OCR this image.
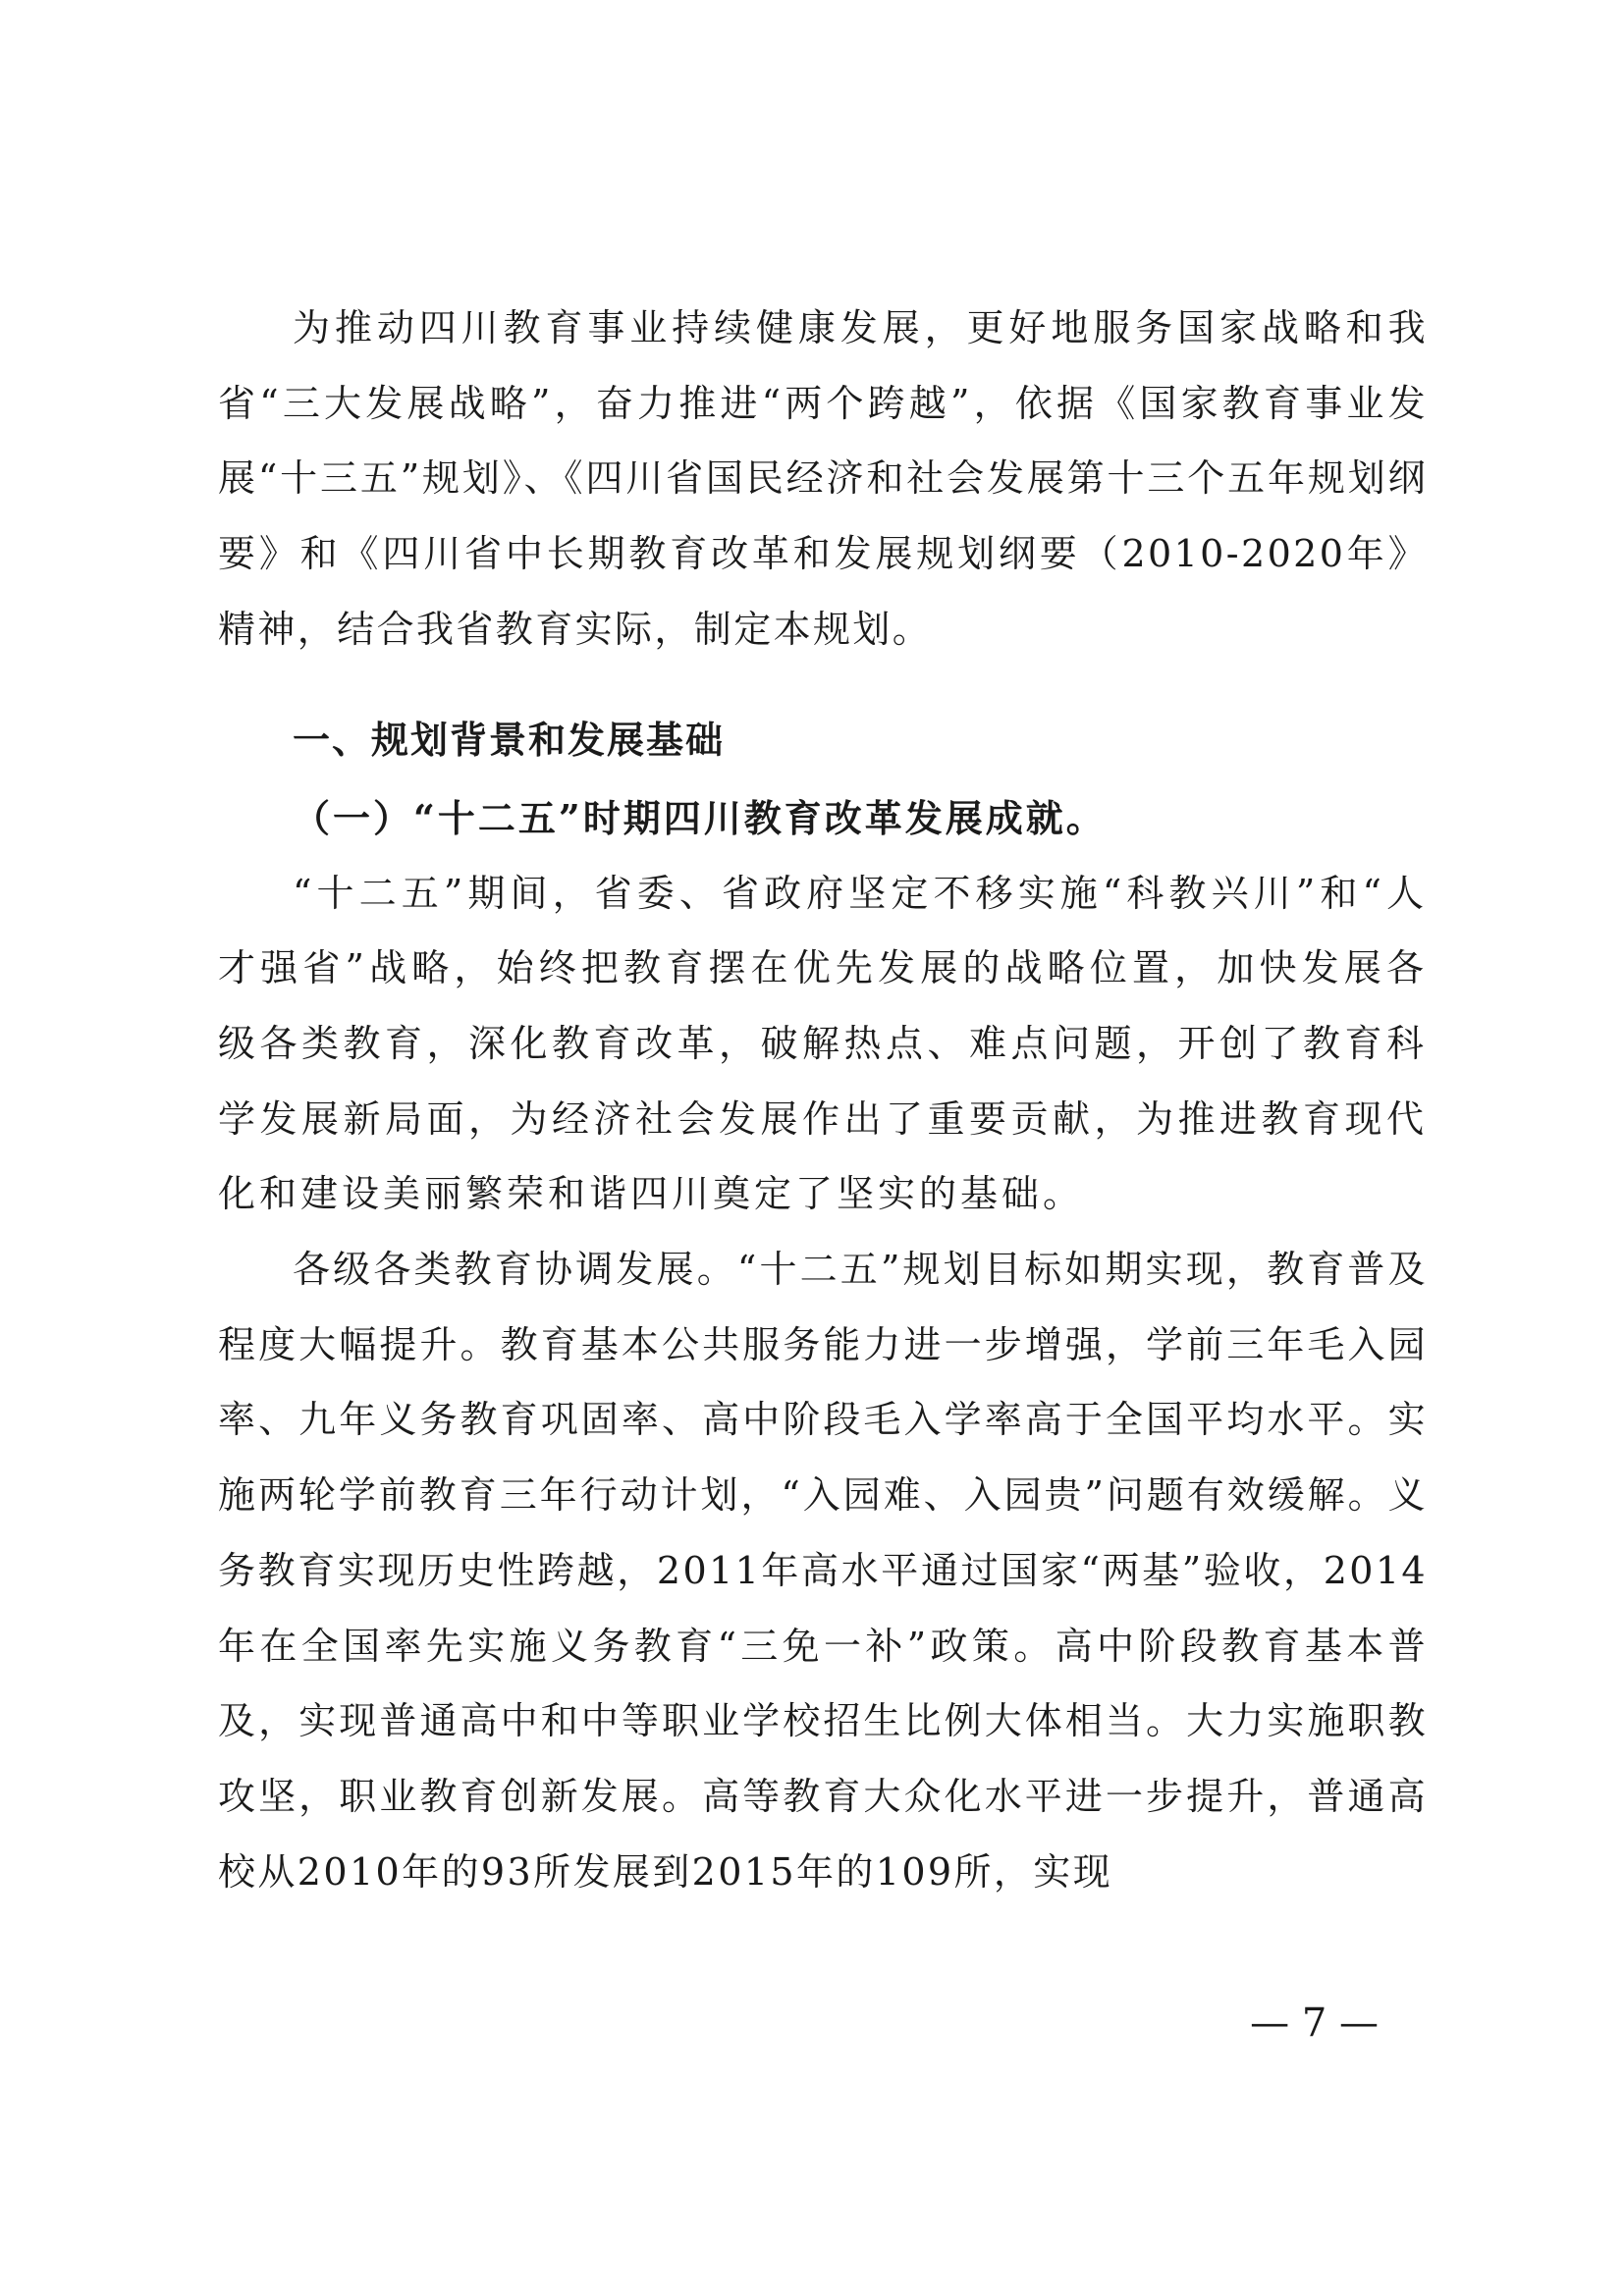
为推动四川教育事业持续健康发展，更好地服务国家战略和我省“三大发展战略”，奋力推进“两个跨越”，依据《国家教育事业发展“十三五”规划》、《四川省国民经济和社会发展第十三个五年规划纲要》和《四川省中长期教育改革和发展规划纲要（2010-2020年》精神，结合我省教育实际，制定本规划。

一、规划背景和发展基础
（一）“十二五”时期四川教育改革发展成就。

“十二五”期间，省委、省政府坚定不移实施“科教兴川”和“人才强省”战略，始终把教育摆在优先发展的战略位置，加快发展各级各类教育，深化教育改革，破解热点、难点问题，开创了教育科学发展新局面，为经济社会发展作出了重要贡献，为推进教育现代化和建设美丽繁荣和谐四川奠定了坚实的基础。

各级各类教育协调发展。“十二五”规划目标如期实现，教育普及程度大幅提升。教育基本公共服务能力进一步增强，学前三年毛入园率、九年义务教育巩固率、高中阶段毛入学率高于全国平均水平。实施两轮学前教育三年行动计划，“入园难、入园贵”问题有效缓解。义务教育实现历史性跨越，2011年高水平通过国家“两基”验收，2014年在全国率先实施义务教育“三免一补”政策。高中阶段教育基本普及，实现普通高中和中等职业学校招生比例大体相当。大力实施职教攻坚，职业教育创新发展。高等教育大众化水平进一步提升，普通高校从2010年的93所发展到2015年的109所，实现

— 7 —
